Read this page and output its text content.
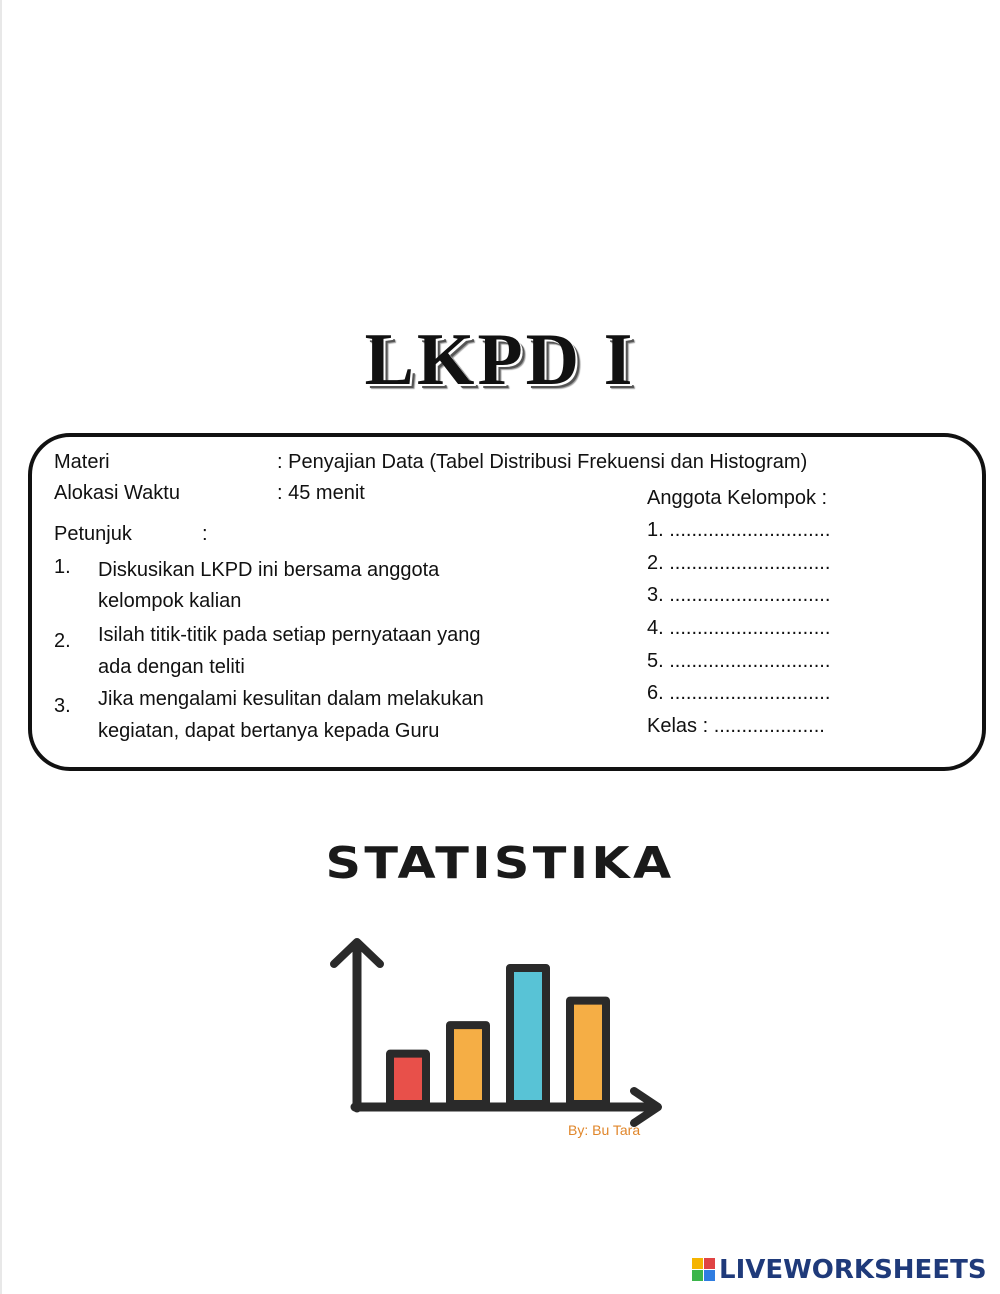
LKPD I
Materi	: Penyajian Data (Tabel Distribusi Frekuensi dan Histogram)
Alokasi Waktu	: 45 menit
Petunjuk	:
1. Diskusikan LKPD ini bersama anggota
kelompok kalian
2. Isilah titik-titik pada setiap pernyataan yang
ada dengan teliti
3. Jika mengalami kesulitan dalam melakukan
kegiatan, dapat bertanya kepada Guru
Anggota Kelompok :
1. .............................
2. .............................
3. .............................
4. .............................
5. .............................
6. .............................
Kelas : ....................
STATISTIKA
By: Bu Tara
LIVEWORKSHEETS
